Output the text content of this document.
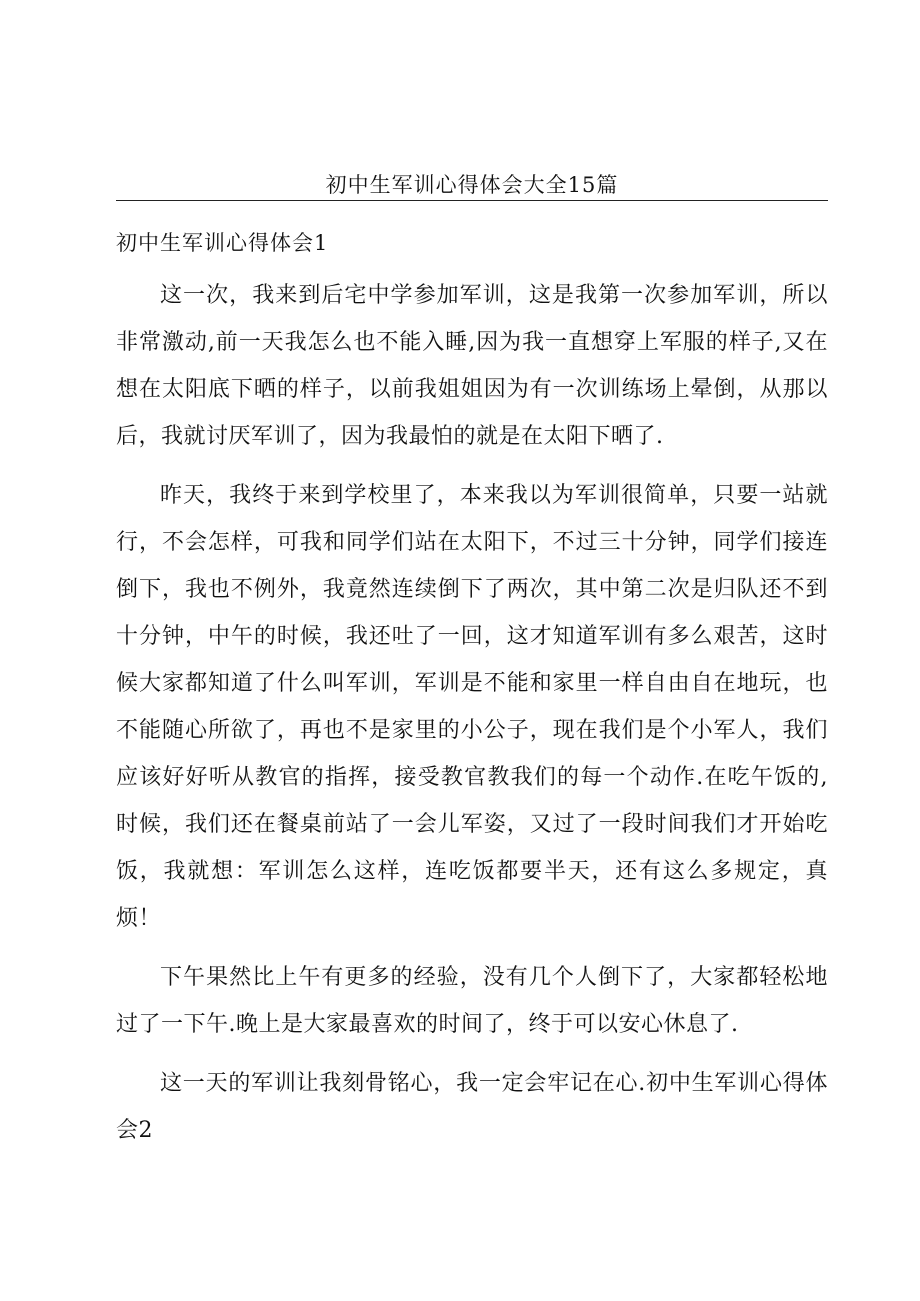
初中生军训心得体会大全15篇
初中生军训心得体会1

这一次，我来到后宅中学参加军训，这是我第一次参加军训，所以非常激动,前一天我怎么也不能入睡,因为我一直想穿上军服的样子,又在想在太阳底下晒的样子，以前我姐姐因为有一次训练场上晕倒，从那以后，我就讨厌军训了，因为我最怕的就是在太阳下晒了.

昨天，我终于来到学校里了，本来我以为军训很简单，只要一站就行，不会怎样，可我和同学们站在太阳下，不过三十分钟，同学们接连倒下，我也不例外，我竟然连续倒下了两次，其中第二次是归队还不到十分钟，中午的时候，我还吐了一回，这才知道军训有多么艰苦，这时候大家都知道了什么叫军训，军训是不能和家里一样自由自在地玩，也不能随心所欲了，再也不是家里的小公子，现在我们是个小军人，我们应该好好听从教官的指挥，接受教官教我们的每一个动作.在吃午饭的,时候，我们还在餐桌前站了一会儿军姿，又过了一段时间我们才开始吃饭，我就想：军训怎么这样，连吃饭都要半天，还有这么多规定，真烦！

下午果然比上午有更多的经验，没有几个人倒下了，大家都轻松地过了一下午.晚上是大家最喜欢的时间了，终于可以安心休息了.

这一天的军训让我刻骨铭心，我一定会牢记在心.初中生军训心得体会2
